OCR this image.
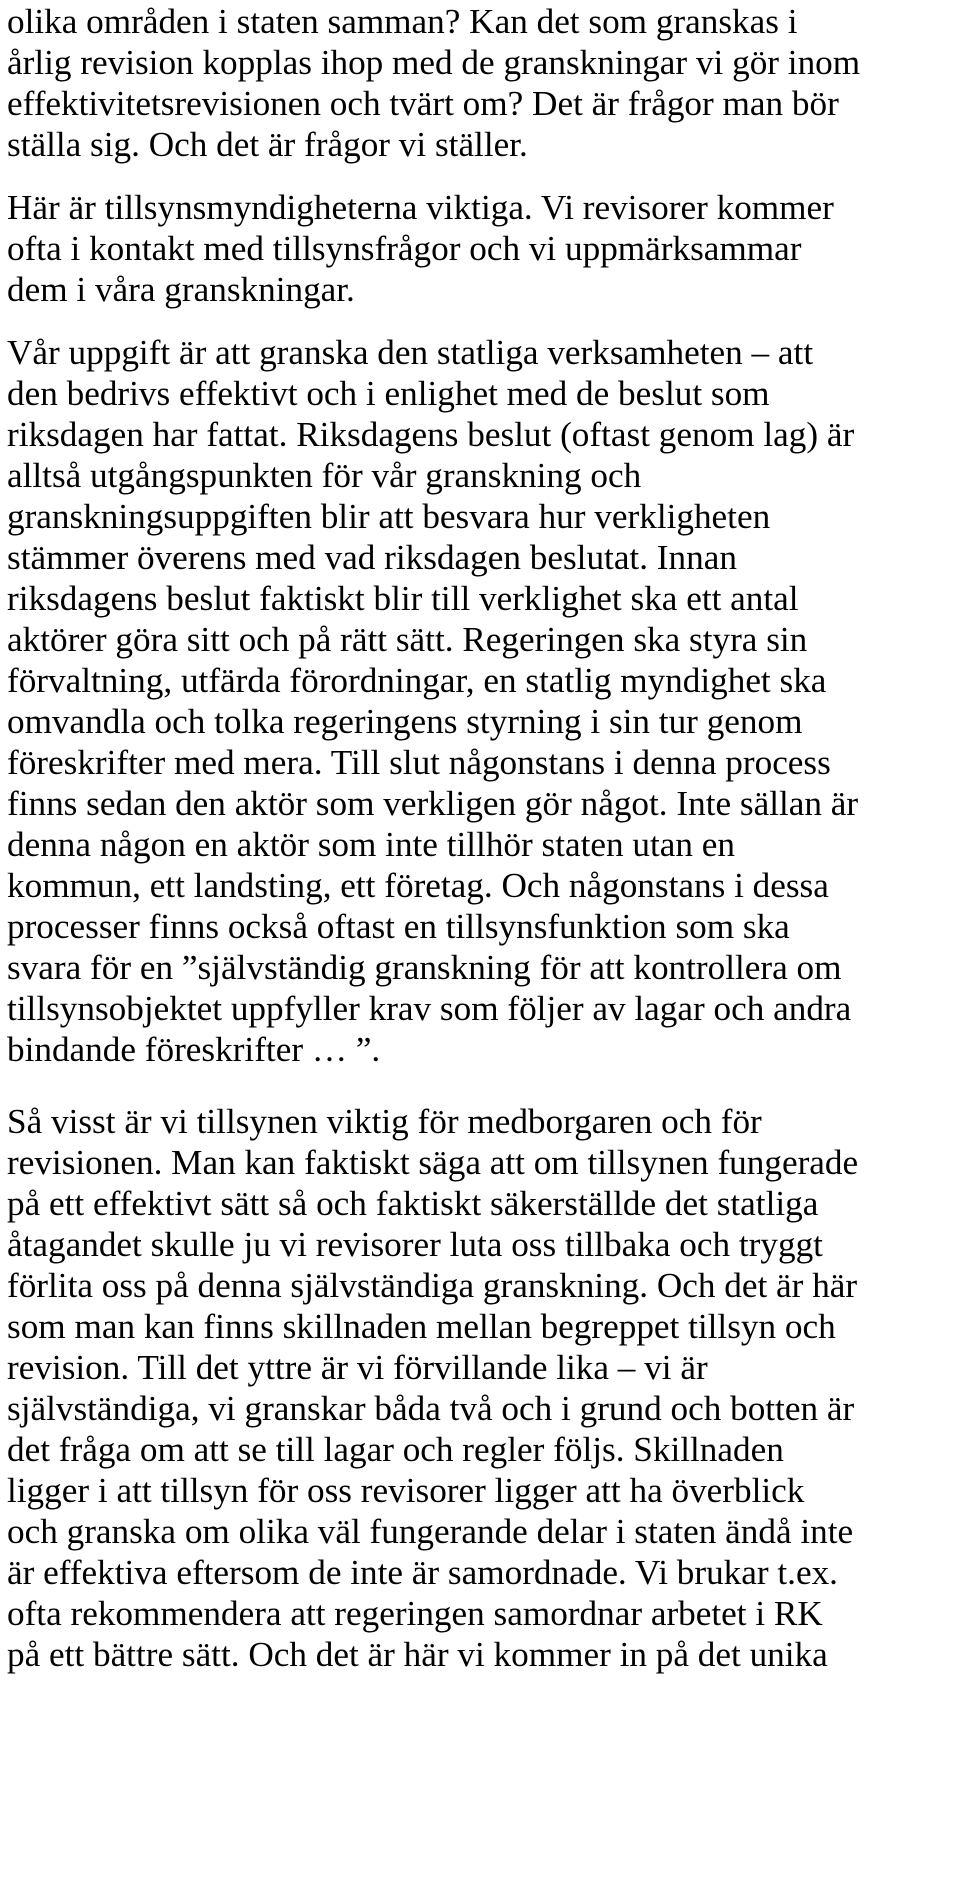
olika områden i staten samman? Kan det som granskas i

årlig revision kopplas ihop med de granskningar vi gör inom

effektivitetsrevisionen och tvärt om? Det är frågor man bör

ställa sig. Och det är frågor vi ställer.

Här är tillsynsmyndigheterna viktiga. Vi revisorer kommer

ofta i kontakt med tillsynsfrågor och vi uppmärksammar

dem i våra granskningar.

Vår uppgift är att granska den statliga verksamheten – att

den bedrivs effektivt och i enlighet med de beslut som

riksdagen har fattat. Riksdagens beslut (oftast genom lag) är

alltså utgångspunkten för vår granskning och

granskningsuppgiften blir att besvara hur verkligheten

stämmer överens med vad riksdagen beslutat. Innan

riksdagens beslut faktiskt blir till verklighet ska ett antal

aktörer göra sitt och på rätt sätt. Regeringen ska styra sin

förvaltning, utfärda förordningar, en statlig myndighet ska

omvandla och tolka regeringens styrning i sin tur genom

föreskrifter med mera. Till slut någonstans i denna process

finns sedan den aktör som verkligen gör något. Inte sällan är

denna någon en aktör som inte tillhör staten utan en

kommun, ett landsting, ett företag. Och någonstans i dessa

processer finns också oftast en tillsynsfunktion som ska

svara för en ”självständig granskning för att kontrollera om

tillsynsobjektet uppfyller krav som följer av lagar och andra

bindande föreskrifter … ”.

Så visst är vi tillsynen viktig för medborgaren och för

revisionen. Man kan faktiskt säga att om tillsynen fungerade

på ett effektivt sätt så och faktiskt säkerställde det statliga

åtagandet skulle ju vi revisorer luta oss tillbaka och tryggt

förlita oss på denna självständiga granskning. Och det är här

som man kan finns skillnaden mellan begreppet tillsyn och

revision. Till det yttre är vi förvillande lika – vi är

självständiga, vi granskar båda två och i grund och botten är

det fråga om att se till lagar och regler följs. Skillnaden

ligger i att tillsyn för oss revisorer ligger att ha överblick

och granska om olika väl fungerande delar i staten ändå inte

är effektiva eftersom de inte är samordnade. Vi brukar t.ex.

ofta rekommendera att regeringen samordnar arbetet i RK

på ett bättre sätt. Och det är här vi kommer in på det unika
